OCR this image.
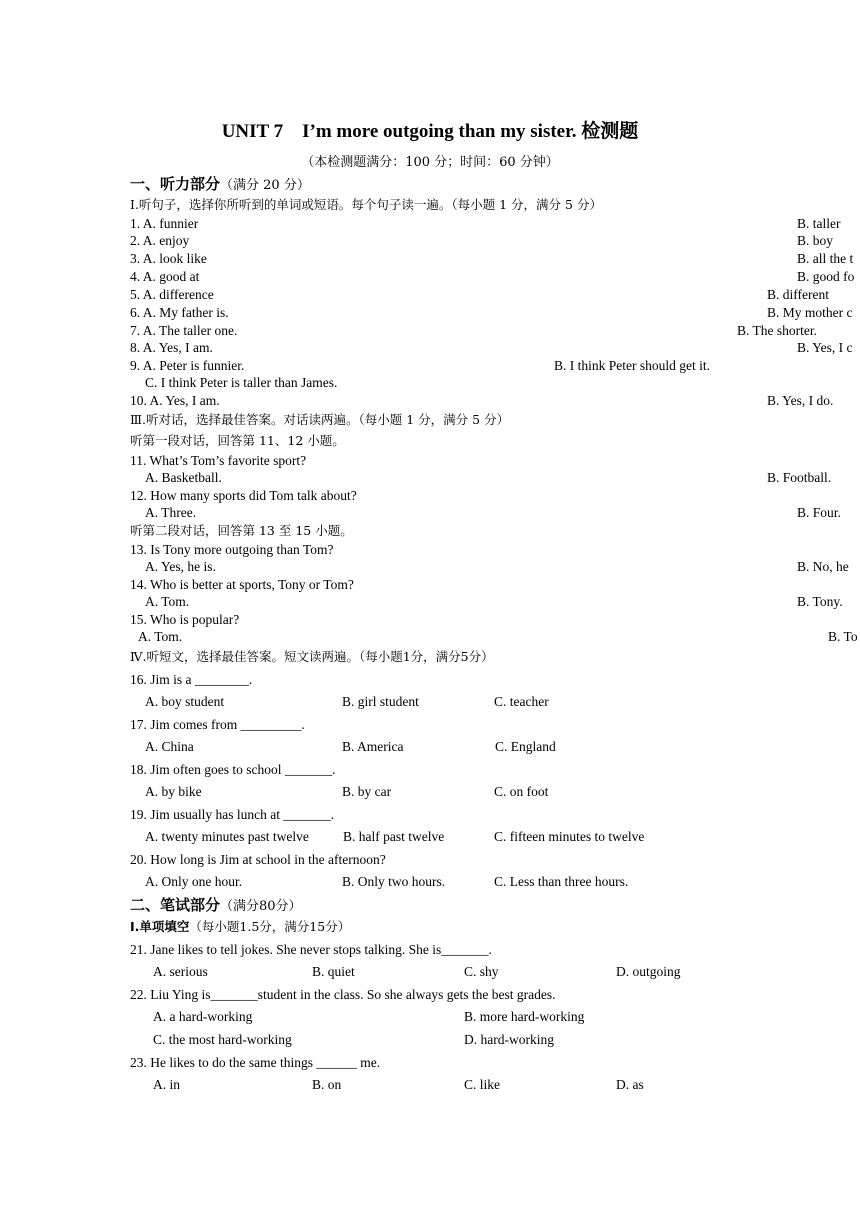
UNIT 7    I’m more outgoing than my sister. 检测题
（本检测题满分：100 分；时间：60 分钟）
一、听力部分（满分 20 分）
Ⅰ.听句子，选择你所听到的单词或短语。每个句子读一遍。（每小题 1 分，满分 5 分）
1. A. funnier	B. taller
2. A. enjoy	B. boy
3. A. look like	B. all the t
4. A. good at	B. good fo
5. A. difference	B. different
6. A. My father is.	B. My mother c
7. A. The taller one.	B. The shorter.
8. A. Yes, I am.	B. Yes, I c
9. A. Peter is funnier.	B. I think Peter should get it.
C. I think Peter is taller than James.
10. A. Yes, I am.	B. Yes, I do.
Ⅲ.听对话，选择最佳答案。对话读两遍。（每小题 1 分，满分 5 分）
听第一段对话，回答第 11、12 小题。
11. What’s Tom’s favorite sport?
A. Basketball.	B. Football.
12. How many sports did Tom talk about?
A. Three.	B. Four.
听第二段对话，回答第 13 至 15 小题。
13. Is Tony more outgoing than Tom?
A. Yes, he is.	B. No, he
14. Who is better at sports, Tony or Tom?
A. Tom.	B. Tony.
15. Who is popular?
A. Tom.	B. To
Ⅳ.听短文，选择最佳答案。短文读两遍。（每小题1分，满分5分）
16. Jim is a ________.
A. boy student	B. girl student	C. teacher
17. Jim comes from _________.
A. China	B. America	C. England
18. Jim often goes to school _______.
A. by bike	B. by car	C. on foot
19. Jim usually has lunch at _______.
A. twenty minutes past twelve	B. half past twelve	C. fifteen minutes to twelve
20. How long is Jim at school in the afternoon?
A. Only one hour.	B. Only two hours.	C. Less than three hours.
二、笔试部分（满分80分）
Ⅰ.单项填空（每小题1.5分，满分15分）
21. Jane likes to tell jokes. She never stops talking. She is_______.
A. serious	B. quiet	C. shy	D. outgoing
22. Liu Ying is_______student in the class. So she always gets the best grades.
A. a hard-working	B. more hard-working
C. the most hard-working	D. hard-working
23. He likes to do the same things ______ me.
A. in	B. on	C. like	D. as
